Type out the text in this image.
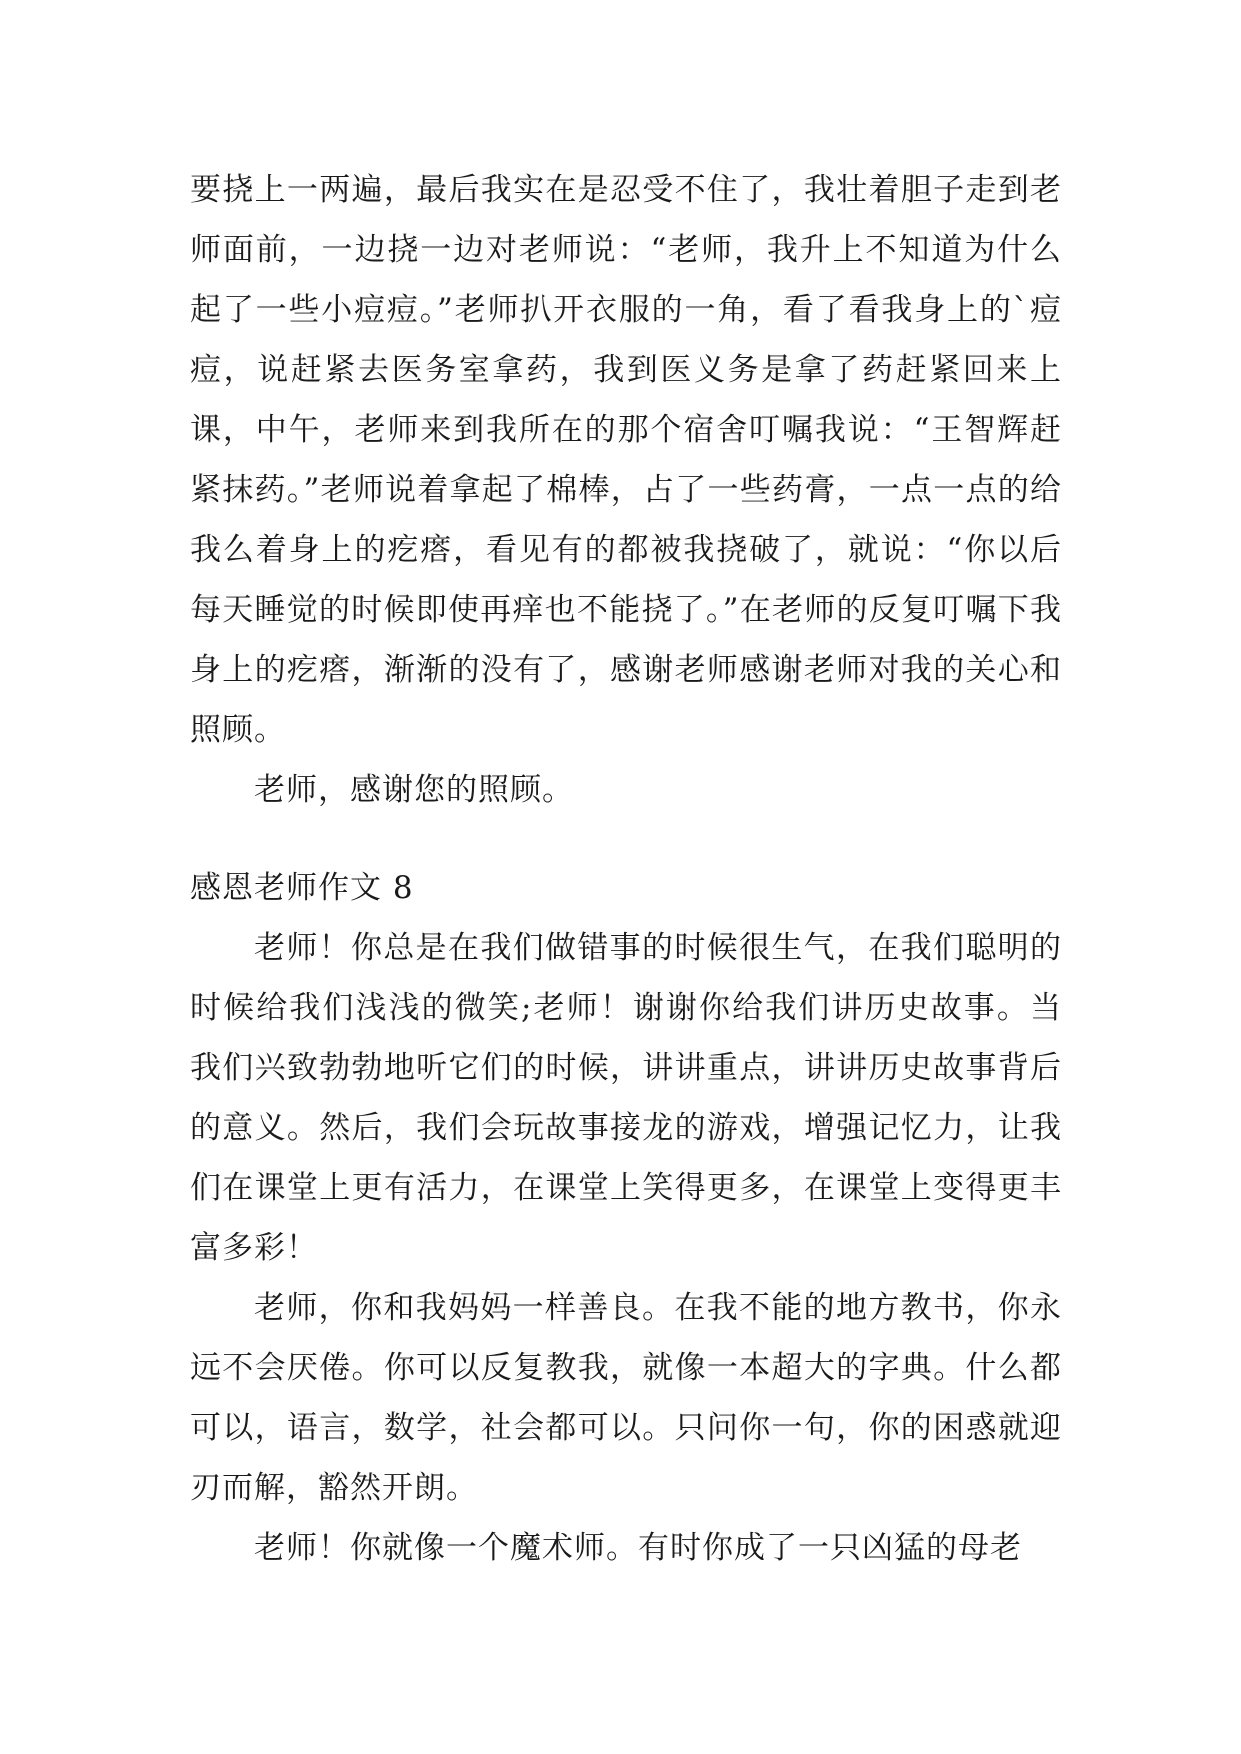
要挠上一两遍，最后我实在是忍受不住了，我壮着胆子走到老师面前，一边挠一边对老师说：“老师，我升上不知道为什么起了一些小痘痘。”老师扒开衣服的一角，看了看我身上的`痘痘，说赶紧去医务室拿药，我到医义务是拿了药赶紧回来上课，中午，老师来到我所在的那个宿舍叮嘱我说：“王智辉赶紧抹药。”老师说着拿起了棉棒，占了一些药膏，一点一点的给我么着身上的疙瘩，看见有的都被我挠破了，就说：“你以后每天睡觉的时候即使再痒也不能挠了。”在老师的反复叮嘱下我身上的疙瘩，渐渐的没有了，感谢老师感谢老师对我的关心和照顾。

老师，感谢您的照顾。

感恩老师作文 8

老师！你总是在我们做错事的时候很生气，在我们聪明的时候给我们浅浅的微笑;老师！谢谢你给我们讲历史故事。当我们兴致勃勃地听它们的时候，讲讲重点，讲讲历史故事背后的意义。然后，我们会玩故事接龙的游戏，增强记忆力，让我们在课堂上更有活力，在课堂上笑得更多，在课堂上变得更丰富多彩！

老师，你和我妈妈一样善良。在我不能的地方教书，你永远不会厌倦。你可以反复教我，就像一本超大的字典。什么都可以，语言，数学，社会都可以。只问你一句，你的困惑就迎刃而解，豁然开朗。

老师！你就像一个魔术师。有时你成了一只凶猛的母老
